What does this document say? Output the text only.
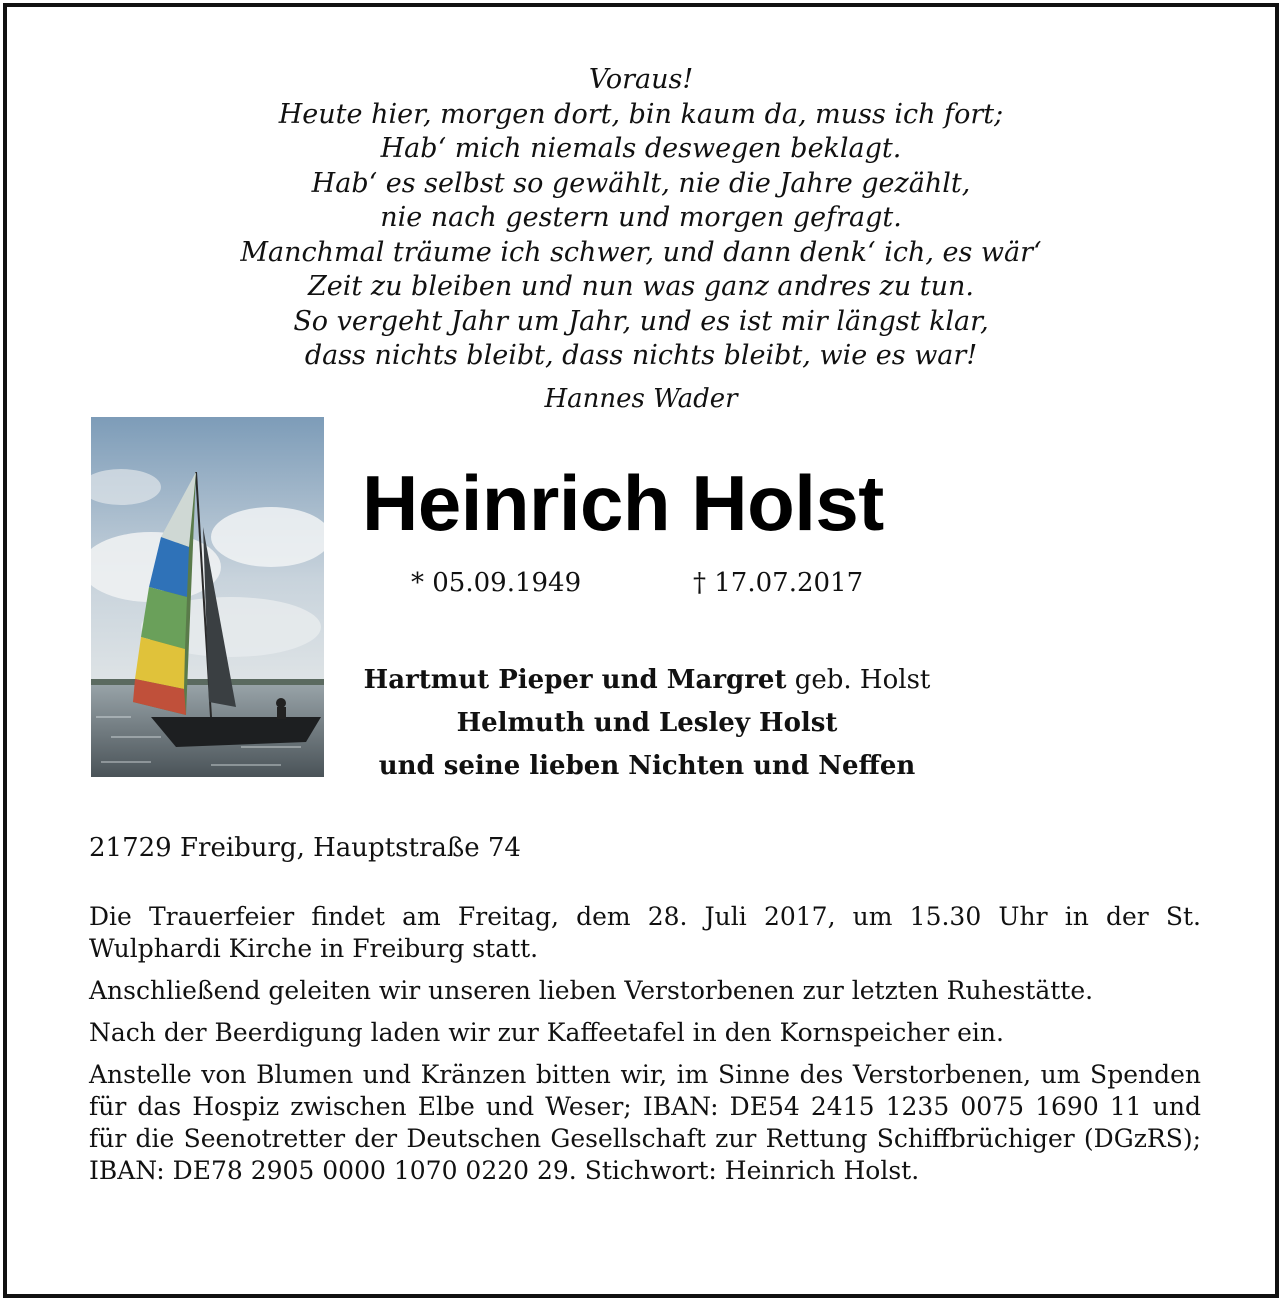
Voraus!
Heute hier, morgen dort, bin kaum da, muss ich fort;
Hab‘ mich niemals deswegen beklagt.
Hab‘ es selbst so gewählt, nie die Jahre gezählt,
nie nach gestern und morgen gefragt.
Manchmal träume ich schwer, und dann denk‘ ich, es wär‘
Zeit zu bleiben und nun was ganz andres zu tun.
So vergeht Jahr um Jahr, und es ist mir längst klar,
dass nichts bleibt, dass nichts bleibt, wie es war!
Hannes Wader
Heinrich Holst
* 05.09.1949	† 17.07.2017
Hartmut Pieper und Margret geb. Holst
Helmuth und Lesley Holst
und seine lieben Nichten und Neffen
21729 Freiburg, Hauptstraße 74

Die Trauerfeier findet am Freitag, dem 28. Juli 2017, um 15.30 Uhr in der St. Wulphardi Kirche in Freiburg statt.

Anschließend geleiten wir unseren lieben Verstorbenen zur letzten Ruhestätte.

Nach der Beerdigung laden wir zur Kaffeetafel in den Kornspeicher ein.

Anstelle von Blumen und Kränzen bitten wir, im Sinne des Verstorbenen, um Spenden für das Hospiz zwischen Elbe und Weser; IBAN: DE54 2415 1235 0075 1690 11 und für die Seenotretter der Deutschen Gesellschaft zur Rettung Schiffbrüchiger (DGzRS); IBAN: DE78 2905 0000 1070 0220 29. Stichwort: Heinrich Holst.
